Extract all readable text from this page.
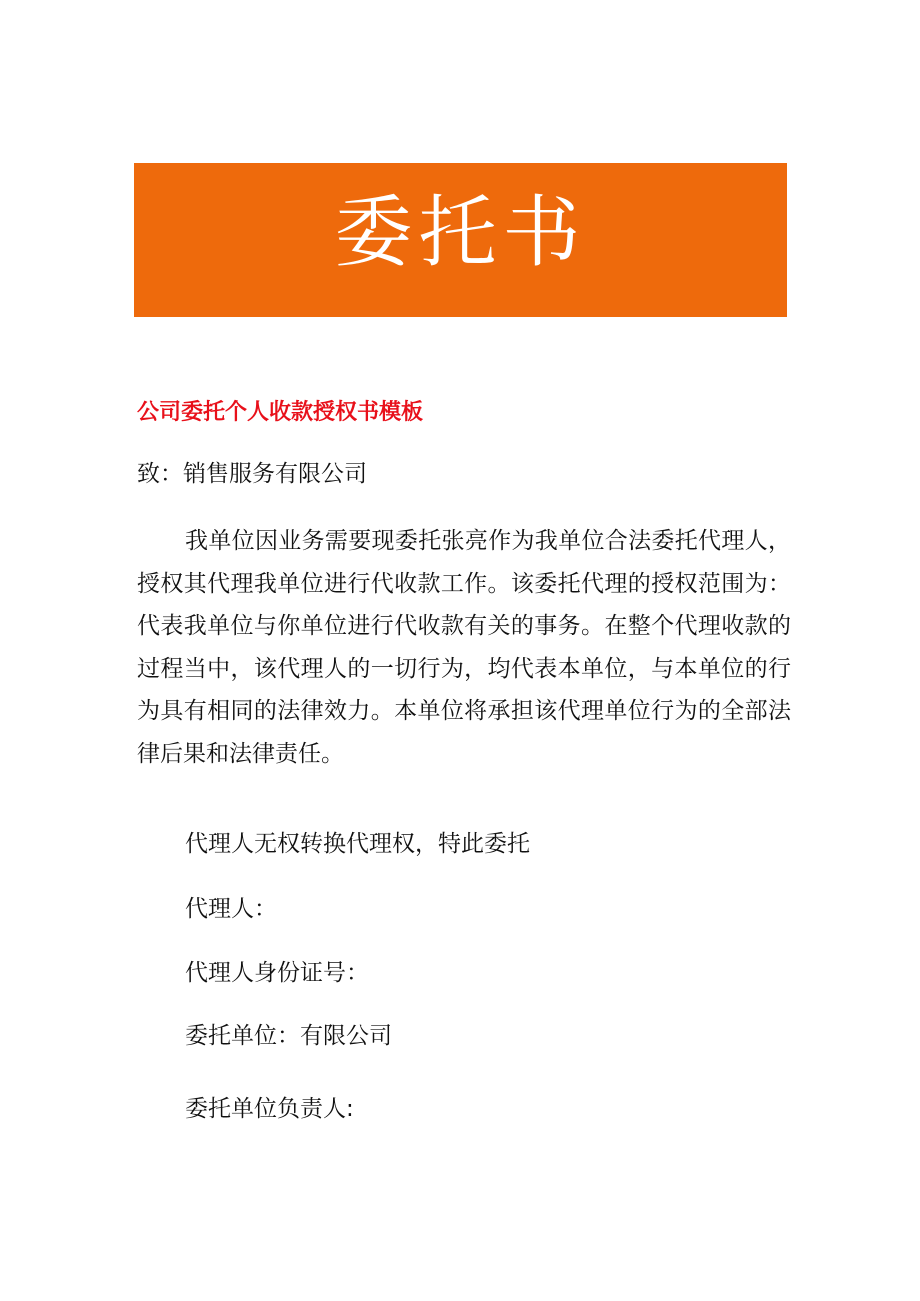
委托书
公司委托个人收款授权书模板
致：销售服务有限公司

我单位因业务需要现委托张亮作为我单位合法委托代理人，授权其代理我单位进行代收款工作。该委托代理的授权范围为：代表我单位与你单位进行代收款有关的事务。在整个代理收款的过程当中，该代理人的一切行为，均代表本单位，与本单位的行为具有相同的法律效力。本单位将承担该代理单位行为的全部法律后果和法律责任。

代理人无权转换代理权，特此委托
代理人：
代理人身份证号：
委托单位：有限公司
委托单位负责人:
